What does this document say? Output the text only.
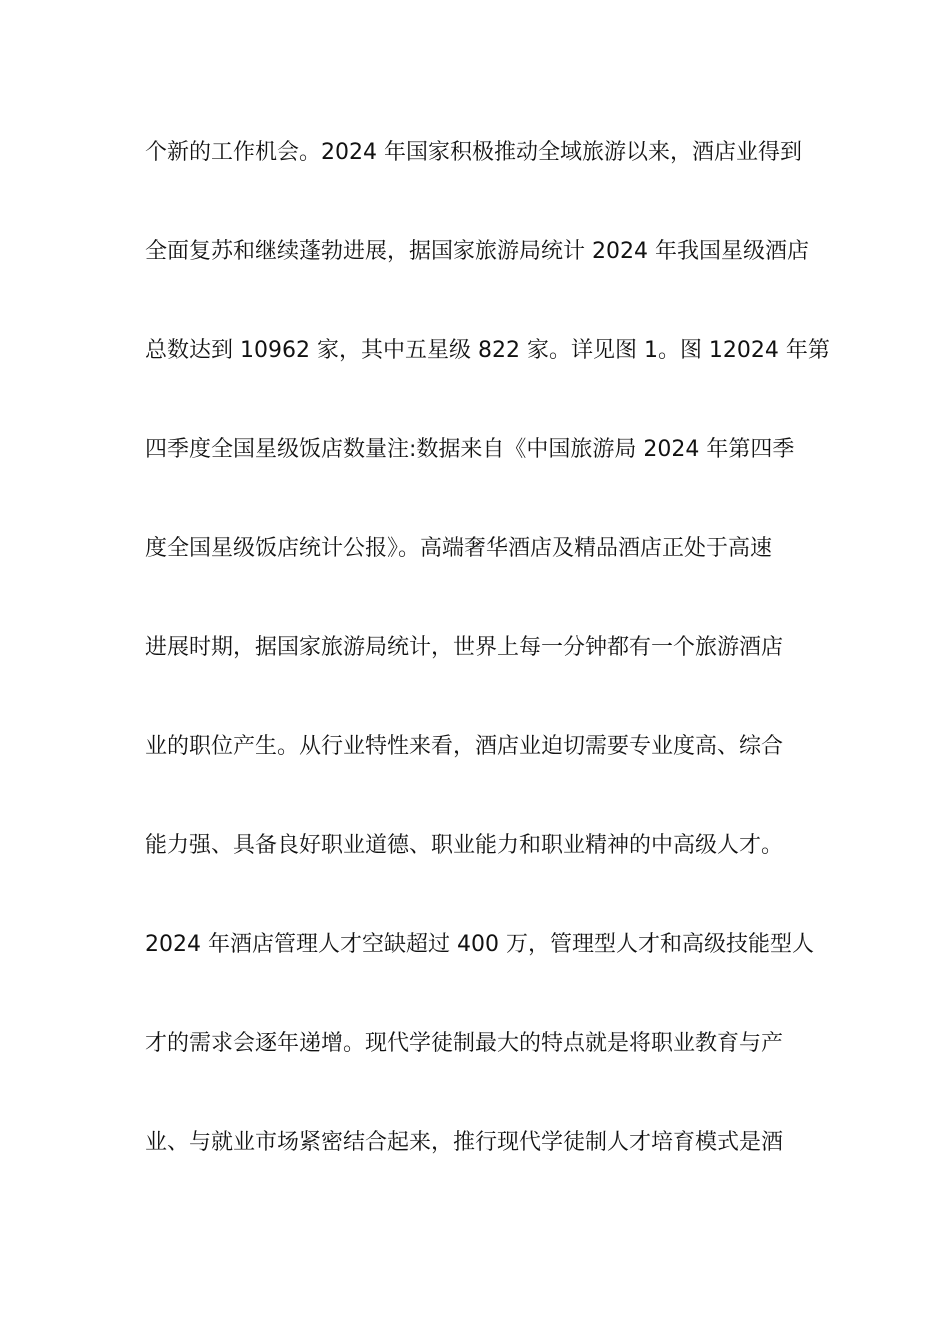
个新的工作机会。2024 年国家积极推动全域旅游以来，酒店业得到
全面复苏和继续蓬勃进展，据国家旅游局统计 2024 年我国星级酒店
总数达到 10962 家，其中五星级 822 家。详见图 1。图 12024 年第
四季度全国星级饭店数量注:数据来自《中国旅游局 2024 年第四季
度全国星级饭店统计公报》。高端奢华酒店及精品酒店正处于高速
进展时期，据国家旅游局统计，世界上每一分钟都有一个旅游酒店
业的职位产生。从行业特性来看，酒店业迫切需要专业度高、综合
能力强、具备良好职业道德、职业能力和职业精神的中高级人才。
2024 年酒店管理人才空缺超过 400 万，管理型人才和高级技能型人
才的需求会逐年递增。现代学徒制最大的特点就是将职业教育与产
业、与就业市场紧密结合起来，推行现代学徒制人才培育模式是酒
